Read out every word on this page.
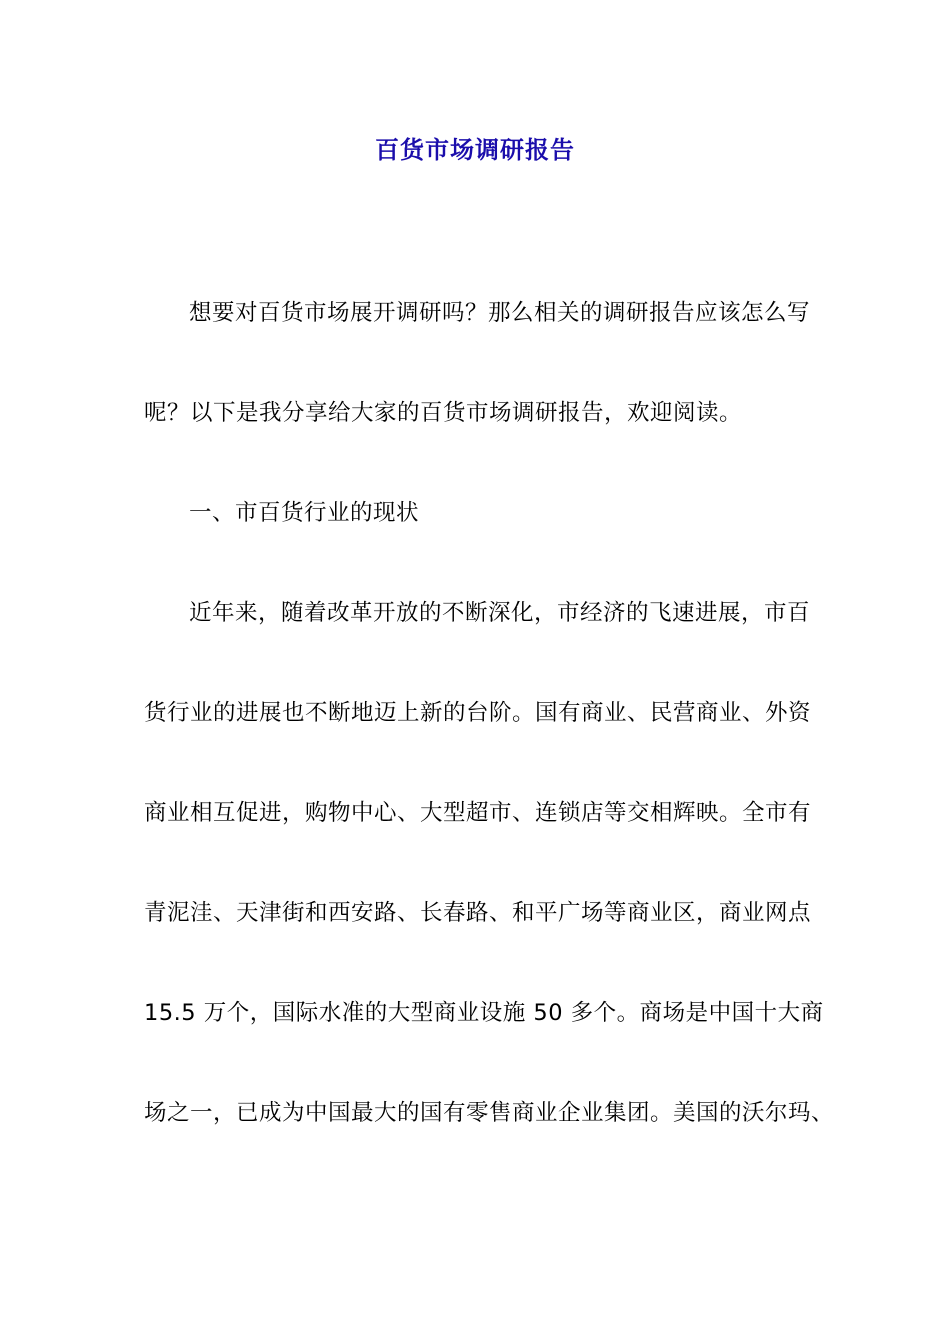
百货市场调研报告
想要对百货市场展开调研吗？那么相关的调研报告应该怎么写
呢？以下是我分享给大家的百货市场调研报告，欢迎阅读。
一、市百货行业的现状
近年来，随着改革开放的不断深化，市经济的飞速进展，市百
货行业的进展也不断地迈上新的台阶。国有商业、民营商业、外资
商业相互促进，购物中心、大型超市、连锁店等交相辉映。全市有
青泥洼、天津街和西安路、长春路、和平广场等商业区，商业网点
15.5 万个，国际水准的大型商业设施 50 多个。商场是中国十大商
场之一，已成为中国最大的国有零售商业企业集团。美国的沃尔玛、
